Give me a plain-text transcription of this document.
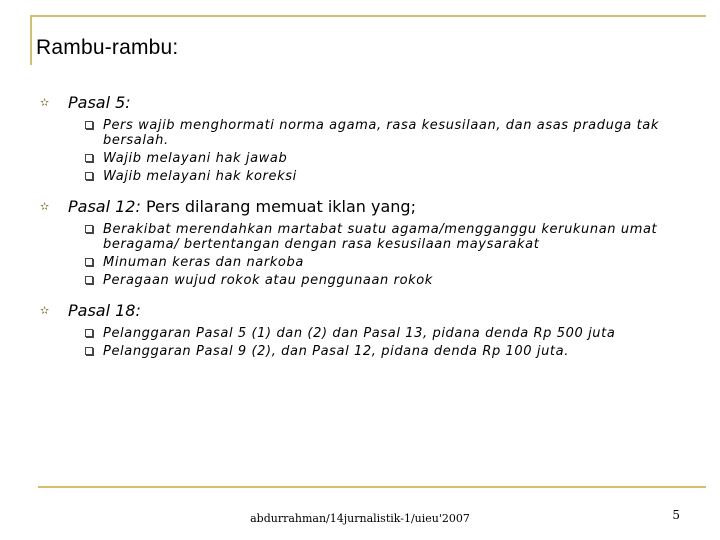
Rambu-rambu:
✫ Pasal 5:
Pers wajib menghormati norma agama, rasa kesusilaan, dan asas praduga tak bersalah.
Wajib melayani hak jawab
Wajib melayani hak koreksi
✫ Pasal 12: Pers dilarang memuat iklan yang;
Berakibat merendahkan martabat suatu agama/mengganggu kerukunan umat beragama/ bertentangan dengan rasa kesusilaan maysarakat
Minuman keras dan narkoba
Peragaan wujud rokok atau penggunaan rokok
✫ Pasal 18:
Pelanggaran Pasal 5 (1) dan (2) dan Pasal 13, pidana denda Rp 500 juta
Pelanggaran Pasal 9 (2), dan Pasal 12, pidana denda Rp 100 juta.
abdurrahman/14jurnalistik-1/uieu'2007	5
